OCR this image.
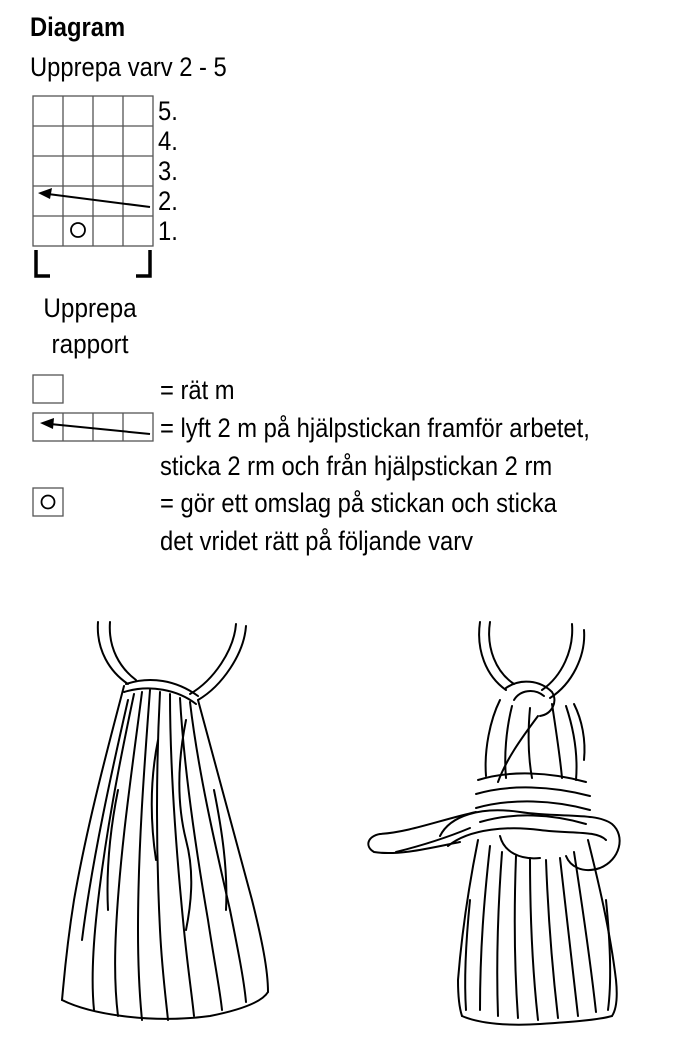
Diagram
Upprepa varv 2 - 5
5.
4.
3.
2.
1.
Upprepa
rapport
= rät m
= lyft 2 m på hjälpstickan framför arbetet,
sticka 2 rm och från hjälpstickan 2 rm
= gör ett omslag på stickan och sticka
det vridet rätt på följande varv
